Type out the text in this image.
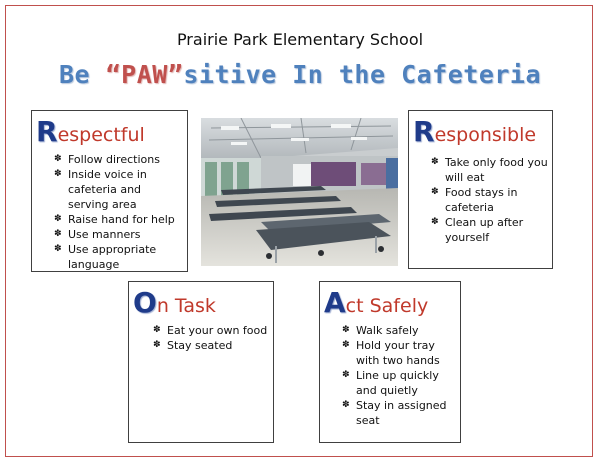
Prairie Park Elementary School
Be “PAW”sitive In the Cafeteria
Respectful
✽ Follow directions
✽ Inside voice in cafeteria and serving area
✽ Raise hand for help
✽ Use manners
✽ Use appropriate language
Responsible
✽ Take only food you will eat
✽ Food stays in cafeteria
✽ Clean up after yourself
On Task
✽ Eat your own food
✽ Stay seated
Act Safely
✽ Walk safely
✽ Hold your tray with two hands
✽ Line up quickly and quietly
✽ Stay in assigned seat
